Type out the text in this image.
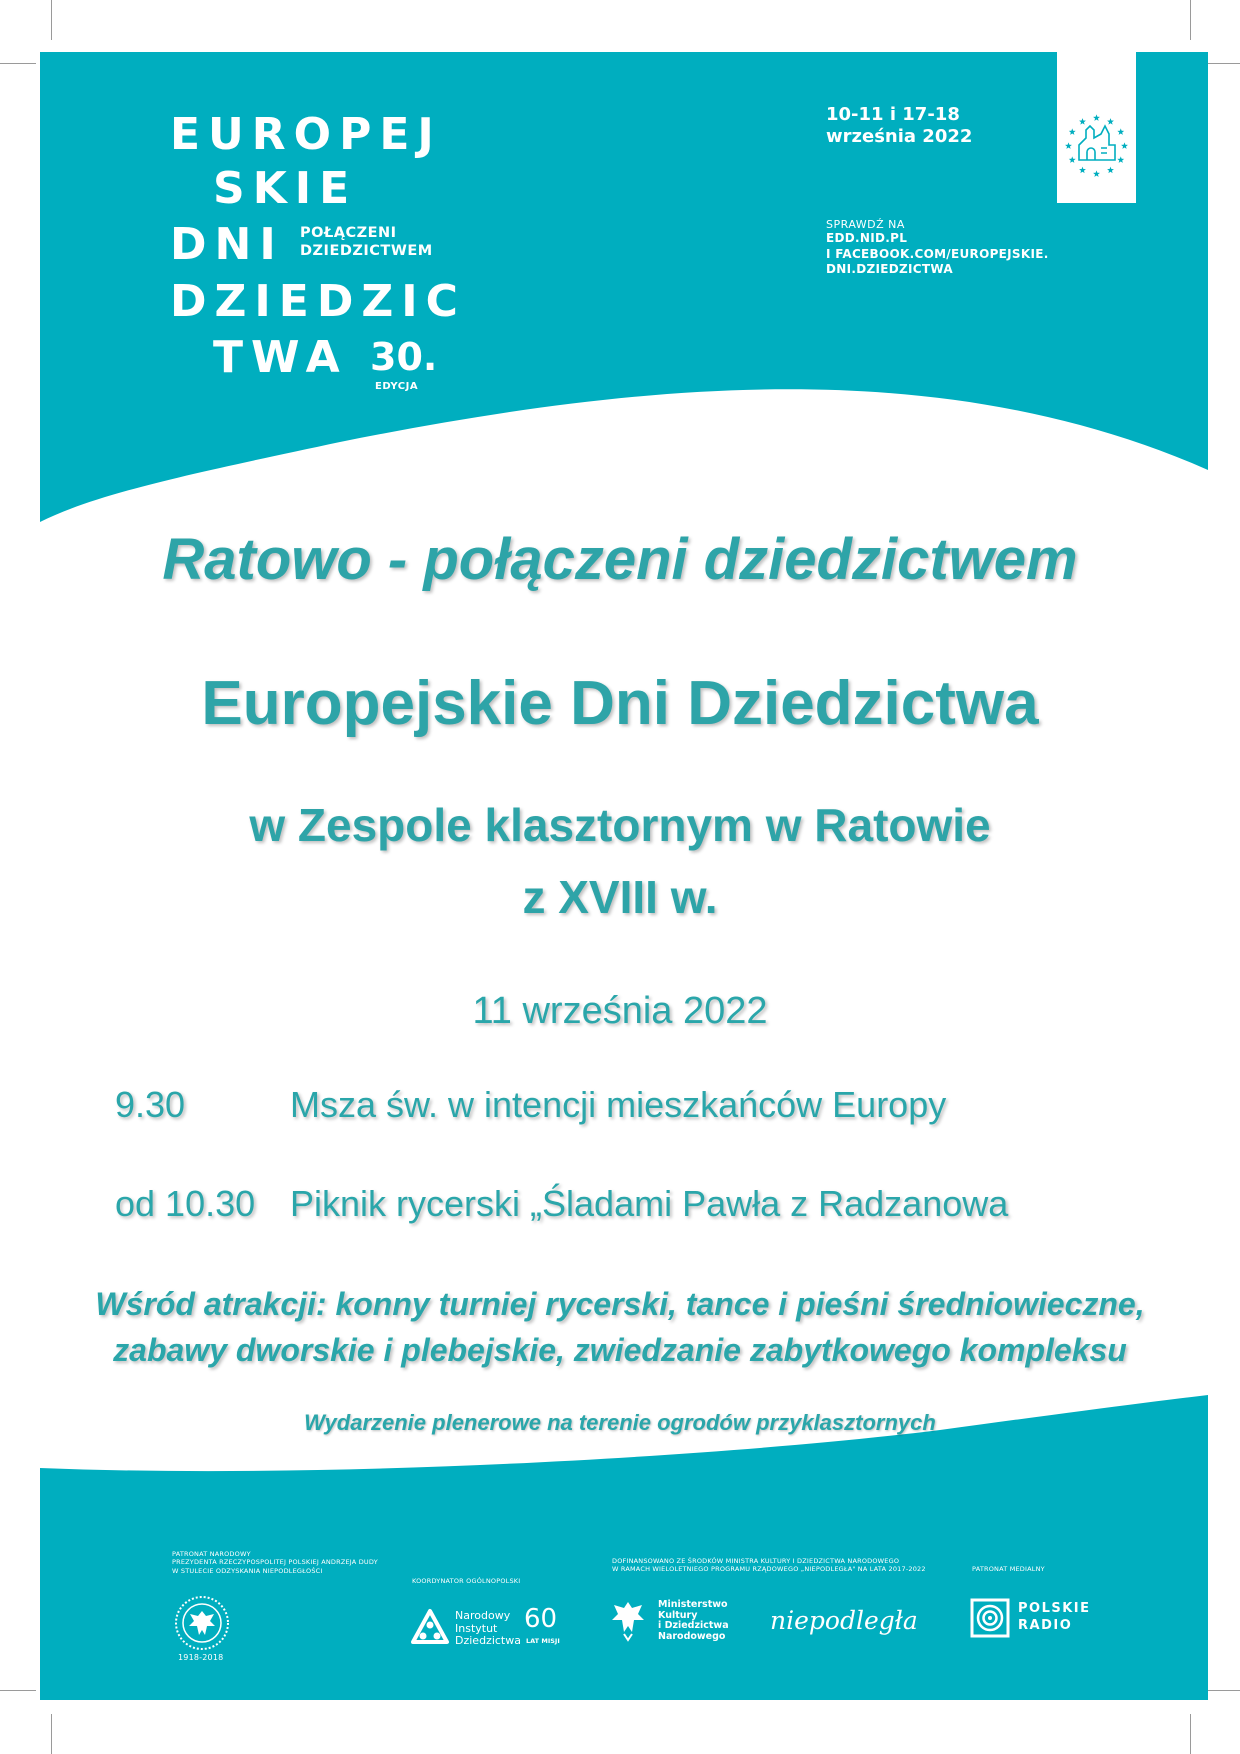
EUROPEJ
SKIE
DNI POŁĄCZENI
DZIEDZICTWEM
DZIEDZIC
TWA 30.
EDYCJA
10-11 i 17-18
września 2022
SPRAWDŹ NA
EDD.NID.PL
I FACEBOOK.COM/EUROPEJSKIE.
DNI.DZIEDZICTWA
Ratowo - połączeni dziedzictwem
Europejskie Dni Dziedzictwa
w Zespole klasztornym w Ratowie
z XVIII w.
11 września 2022
9.30	Msza św. w intencji mieszkańców Europy
od 10.30 Piknik rycerski „Śladami Pawła z Radzanowa

Wśród atrakcji: konny turniej rycerski, tance i pieśni średniowieczne,

zabawy dworskie i plebejskie, zwiedzanie zabytkowego kompleksu

Wydarzenie plenerowe na terenie ogrodów przyklasztornych

PATRONAT NARODOWY
PREZYDENTA RZECZYPOSPOLITEJ POLSKIEJ ANDRZEJA DUDY
W STULECIE ODZYSKANIA NIEPODLEGŁOŚCI
1918-2018
KOORDYNATOR OGÓLNOPOLSKI
Narodowy
Instytut
Dziedzictwa
60
LAT MISJI
DOFINANSOWANO ZE ŚRODKÓW MINISTRA KULTURY I DZIEDZICTWA NARODOWEGO
W RAMACH WIELOLETNIEGO PROGRAMU RZĄDOWEGO „NIEPODLEGŁA" NA LATA 2017-2022
Ministerstwo
Kultury
i Dziedzictwa
Narodowego
niepodległa
PATRONAT MEDIALNY
POLSKIE
RADIO
